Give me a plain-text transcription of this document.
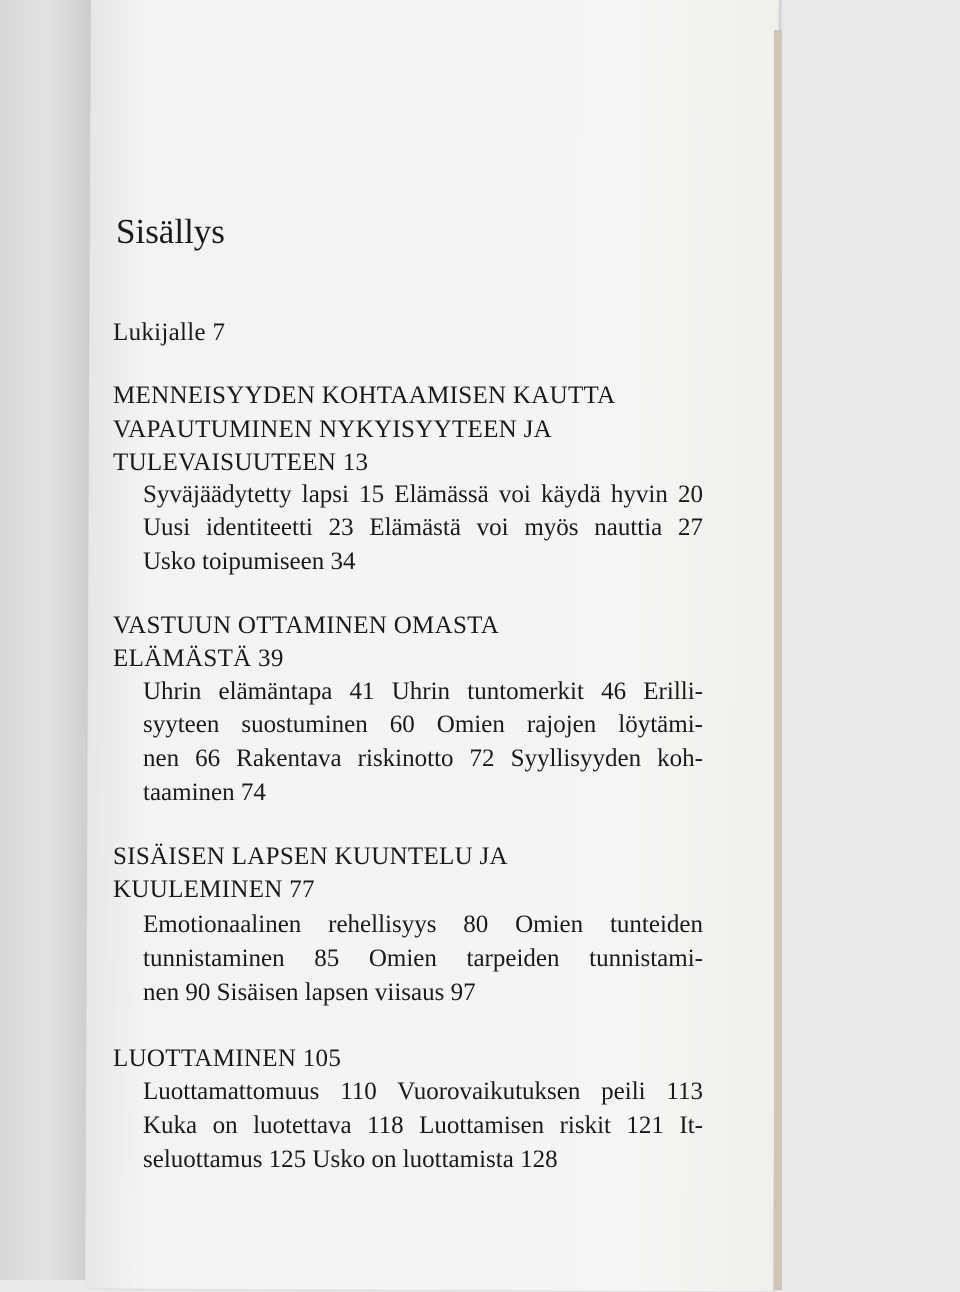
Sisällys
Lukijalle 7
MENNEISYYDEN KOHTAAMISEN KAUTTA
VAPAUTUMINEN NYKYISYYTEEN JA
TULEVAISUUTEEN 13
Syväjäädytetty lapsi 15 Elämässä voi käydä hyvin 20
Uusi identiteetti 23 Elämästä voi myös nauttia 27
Usko toipumiseen 34
VASTUUN OTTAMINEN OMASTA
ELÄMÄSTÄ 39
Uhrin elämäntapa 41 Uhrin tuntomerkit 46 Erilli-
syyteen suostuminen 60 Omien rajojen löytämi-
nen 66 Rakentava riskinotto 72 Syyllisyyden koh-
taaminen 74
SISÄISEN LAPSEN KUUNTELU JA
KUULEMINEN 77
Emotionaalinen rehellisyys 80 Omien tunteiden
tunnistaminen 85 Omien tarpeiden tunnistami-
nen 90 Sisäisen lapsen viisaus 97
LUOTTAMINEN 105
Luottamattomuus 110 Vuorovaikutuksen peili 113
Kuka on luotettava 118 Luottamisen riskit 121 It-
seluottamus 125 Usko on luottamista 128
